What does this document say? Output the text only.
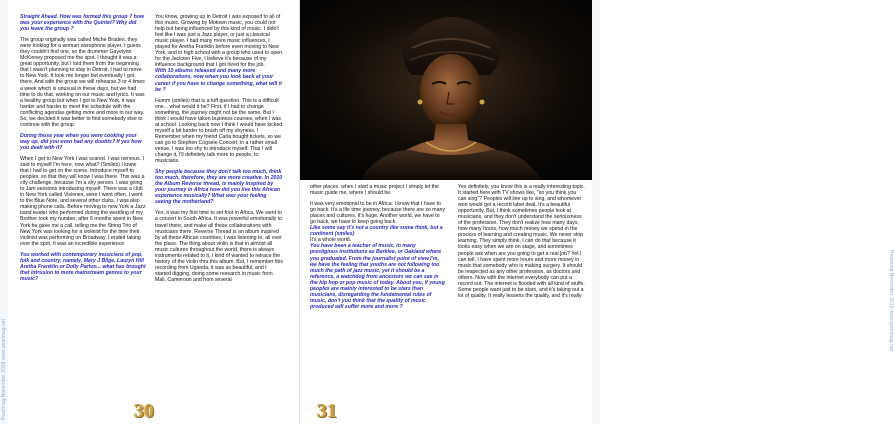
Pearlmag November 2019 www.pearlmag.net

Straight Ahead. How was formed this group ? how was your experience with the Quintet? Why did you leave the group ?

The group originally was called Miche Braden, they were looking for a woman saxophone player, I guess they couldn't find one, so the drummer Gayelynn McKinney proposed me the spot. I thought it was a great opportunity, but I told them from the beginning that I wasn't planning to stay in Detroit, I had to move to New York. It took me longer but eventually I got there. And with the group we will rehearse 3 or 4 times a week which is unusual in these days, but we had time to do that, working on our music and lyrics. It was a healthy group but when I got to New York, it was harder and harder to meet the schedule with the conflicting agendas getting more and more in our way. So, we decided it was better to find somebody else to continue with the group.

During those year when you were cooking your way up, did you even had any doubts? If yes how you dealt with it?

When I got to New York I was scared. I was nervous. I said to myself I'm here, now what? (Smiles) I knew that I had to get on the scene. Introduce myself to peoples, so that they will know I was there. This was a city challenge, because I'm a shy person. I was going to Jam sessions introducing myself. There was a club in New York called Visiones, were I went often. I went to the Blue Note, and several other clubs. I was also making phone calls. Before moving to new York a Jazz band leader who performed during the wedding of my Brother took my number, after 6 months spent in New York he gave me a call, telling me the String Trio of New York was looking for a violinist for the time their violinist was performing on Broadway. I ended taking over the spot. It was an incredible experience

You worked with contemporary musicians of pop, folk and country, namely, Mary J Blige, Lauryn Hill Aretha Franklin or Dolly Parton... what has brought that intrusion to more mainstream genres to your music?

You know, growing up in Detroit I was exposed to all of this music. Growing by Motown music, you could not help but being influenced by this kind of music. I didn't feel like I was just a Jazz player, or just a classical music player. I had many more music influences, I played for Aretha Franklin before even moving to New York, and in high school with a group who used to open for the Jackson Five, I believe it's because of my influence background that I got hired for the job.

With 10 albums released and many more collaborations, now when you look back at your career if you have to change something, what will it be ?

Humm (smiles) that is a tuff question. This is a difficult one... what would it be? First, if I had to change something, the journey might not be the same. But I think I would have taken business courses, when I was at school. Looking back now I think I would have kicked myself a bit harder to brush off my shyness. I Remember when my friend Carla bought tickets, so we can go to Stephen Cogsele Concert, in a rather small venue, I was too shy to introduce myself. That I will change it, I'll definitely talk more to people, to musicians.

Shy people because they don't talk too much, think too much, therefore, they are more creative. In 2010 the Album Reverse thread, is mainly inspired by your journey in Africa how did you live this African experience musically? What was your feeling seeing the motherland?

Yes, it was my first time to set foot in Africa. We went to a concert in South Africa. It was powerful emotionally to travel there, and make all these collaborations with musicians there. Reverse Thread is an album inspired by all these African countries, I was listening to, all over the place. The thing about violin is that in almost all music cultures throughout the world, there is always instruments related to it, I kind of wanted to retrace the history of the violin thru this album. But, I remember this recording from Uganda, it was so beautiful, and I started digging, doing some research in music from Mali, Cameroun and from several

30

other places. when I start a music project I simply let the music guide me, where I should be.

It was very emotional to be in Africa. I know that I have to go back. It's a life time journey, because there are so many places and cultures. It's huge. Another world, we have to go back, we have to keep going back.

Like some say it's not a country like some think, but a continent (smiles)

It's a whole world.

You have been a teacher of music, in many prestigious institutions as Berklee, or Oakland where you graduated. From the journalist point of view I'm, we have the feeling that youths are not following too much the path of jazz music, yet it should be a reference, a watchdog from ancestors we can see in the hip hop or pop music of today. About you, if young peoples are mainly interested to be stars than musicians, disregarding the fundamental rules of music, don't you think that the quality of music produced will suffer more and more ?

Yes definitely, you know this is a really interesting topic. It started here with TV shows like, "so you think you can sing"? Peoples will line up to sing, and whomever won would get a record label deal. It's a beautiful opportunity. But, I think sometimes people look at musicians, and they don't understand the seriousness of the profession. They don't realize how many days, how many hours, how much money we spend in the process of learning and creating music. We never stop learning. They simply think, I can do that because it looks easy when we are on stage, and sometimes people ask when are you going to get a real job? Yet I can tell, I have spent more hours and more money in music that somebody who is making surgery. It should be respected as any other profession, as doctors and others. Now with the internet everybody can put a record out. The internet is flooded with all kind of stuffs. Some people want just to be stars, and it's taking out a lot of quality. It really lessens the quality, and it's really

31
Pearlmag November 2019 www.pearlmag.net
